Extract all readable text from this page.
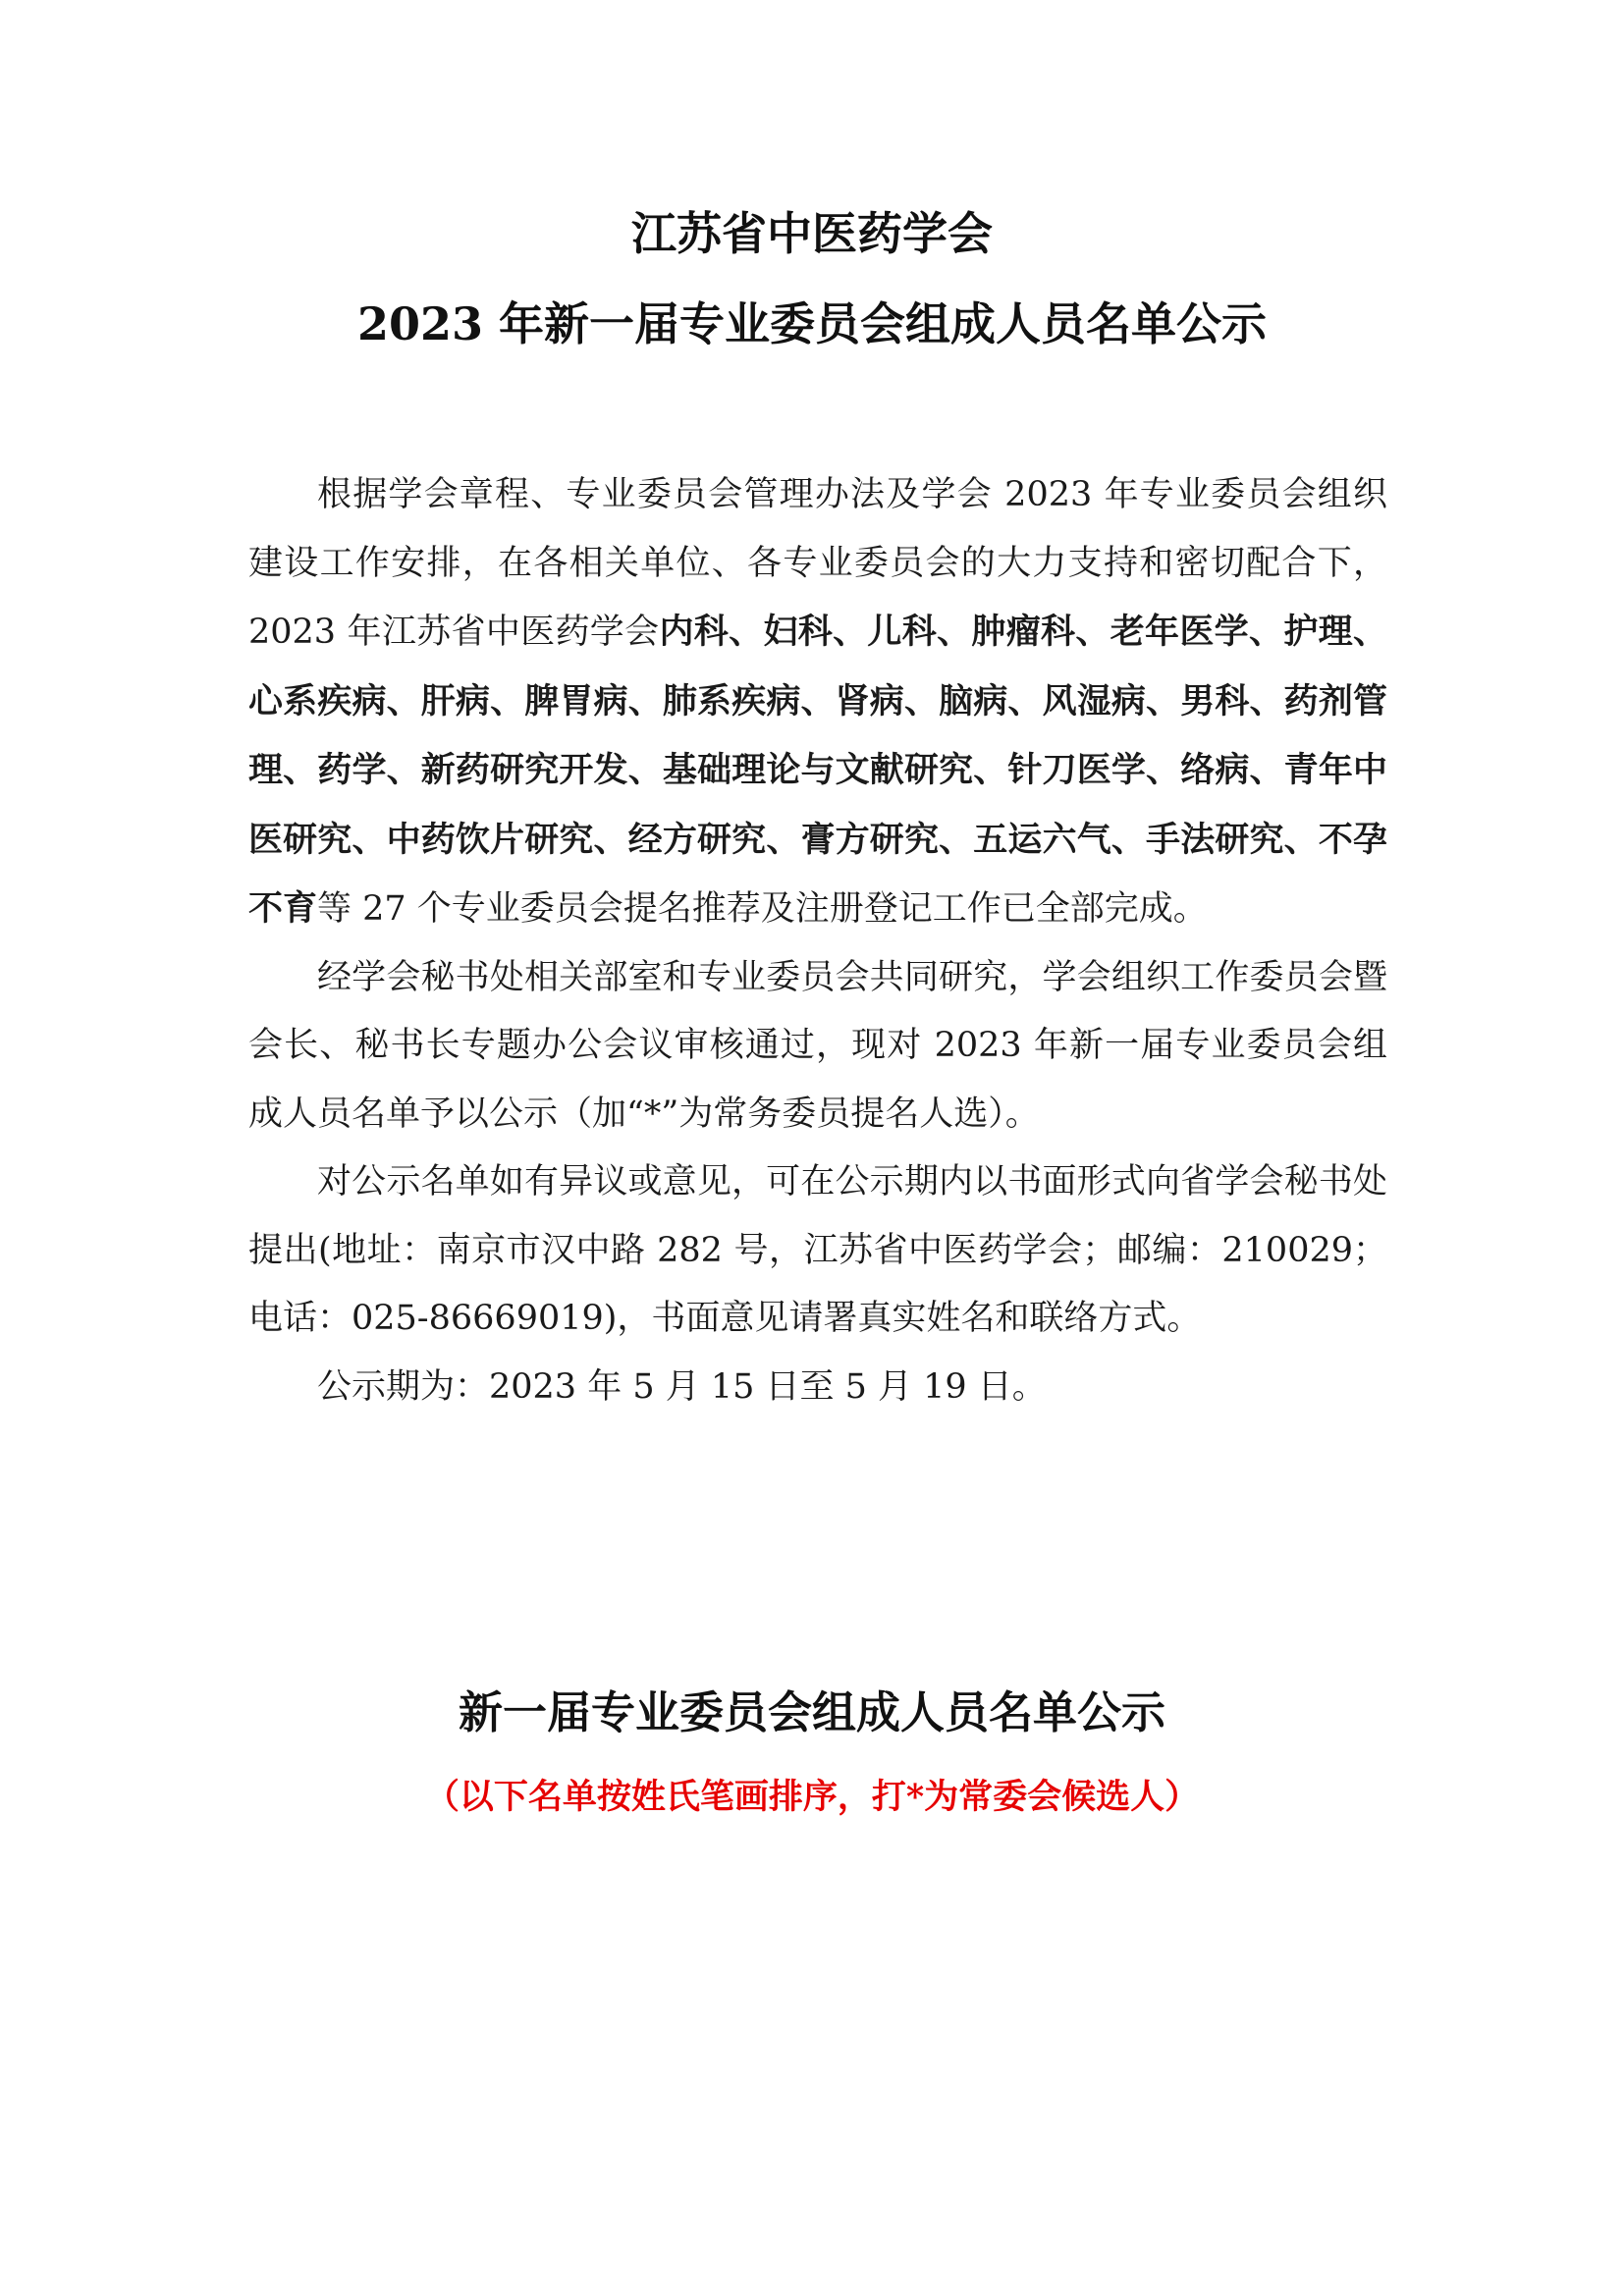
江苏省中医药学会
2023 年新一届专业委员会组成人员名单公示

根据学会章程、专业委员会管理办法及学会 2023 年专业委员会组织建设工作安排，在各相关单位、各专业委员会的大力支持和密切配合下，2023 年江苏省中医药学会内科、妇科、儿科、肿瘤科、老年医学、护理、心系疾病、肝病、脾胃病、肺系疾病、肾病、脑病、风湿病、男科、药剂管理、药学、新药研究开发、基础理论与文献研究、针刀医学、络病、青年中医研究、中药饮片研究、经方研究、膏方研究、五运六气、手法研究、不孕不育等 27 个专业委员会提名推荐及注册登记工作已全部完成。

经学会秘书处相关部室和专业委员会共同研究，学会组织工作委员会暨会长、秘书长专题办公会议审核通过，现对 2023 年新一届专业委员会组成人员名单予以公示（加“*”为常务委员提名人选）。

对公示名单如有异议或意见，可在公示期内以书面形式向省学会秘书处提出(地址：南京市汉中路 282 号，江苏省中医药学会；邮编：210029；电话：025-86669019)，书面意见请署真实姓名和联络方式。

公示期为：2023 年 5 月 15 日至 5 月 19 日。

新一届专业委员会组成人员名单公示
（以下名单按姓氏笔画排序，打*为常委会候选人）
